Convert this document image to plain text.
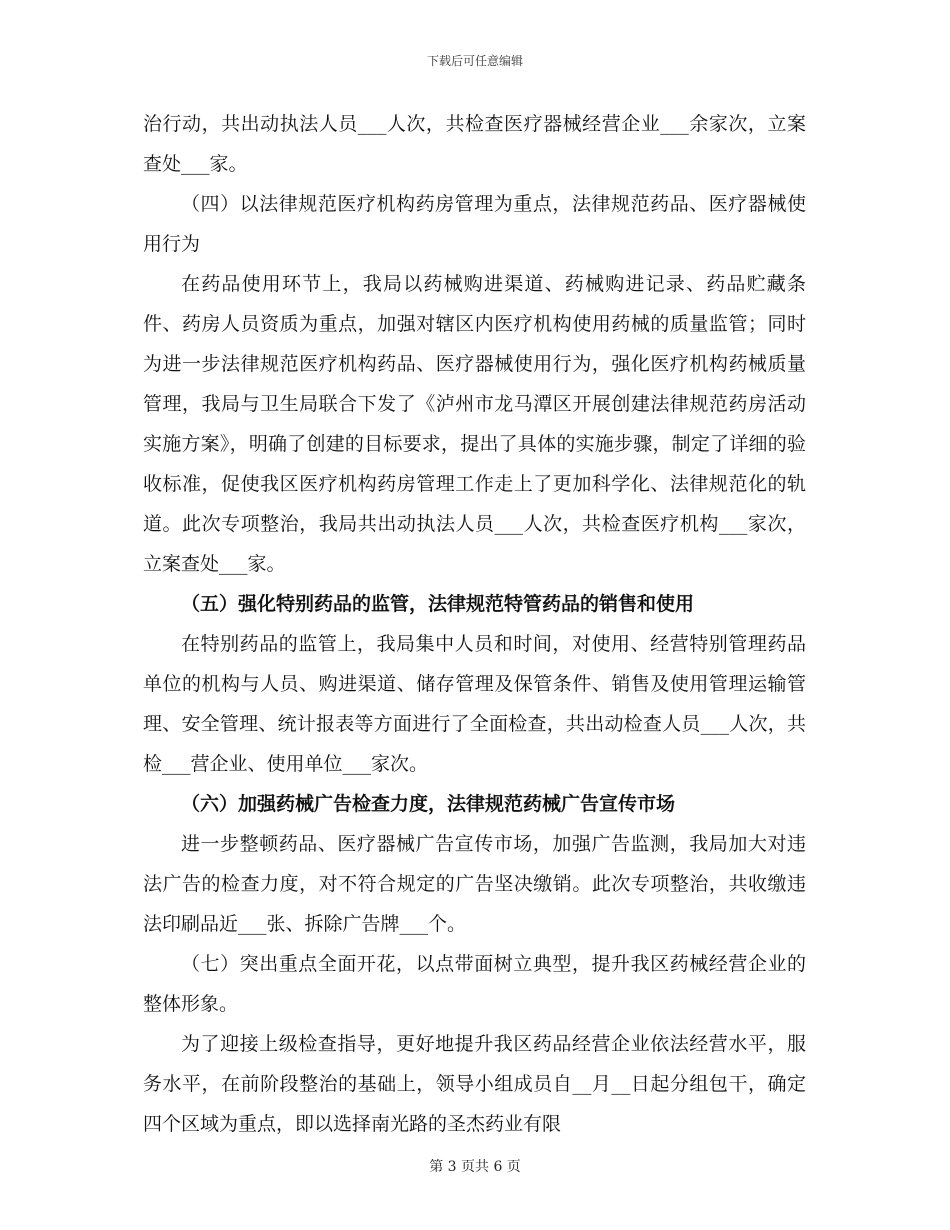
下载后可任意编辑

治行动，共出动执法人员___人次，共检查医疗器械经营企业___余家次，立案查处___家。

（四）以法律规范医疗机构药房管理为重点，法律规范药品、医疗器械使用行为

在药品使用环节上，我局以药械购进渠道、药械购进记录、药品贮藏条件、药房人员资质为重点，加强对辖区内医疗机构使用药械的质量监管；同时为进一步法律规范医疗机构药品、医疗器械使用行为，强化医疗机构药械质量管理，我局与卫生局联合下发了《泸州市龙马潭区开展创建法律规范药房活动实施方案》，明确了创建的目标要求，提出了具体的实施步骤，制定了详细的验收标准，促使我区医疗机构药房管理工作走上了更加科学化、法律规范化的轨道。此次专项整治，我局共出动执法人员___人次，共检查医疗机构___家次，立案查处___家。

（五）强化特别药品的监管，法律规范特管药品的销售和使用

在特别药品的监管上，我局集中人员和时间，对使用、经营特别管理药品单位的机构与人员、购进渠道、储存管理及保管条件、销售及使用管理运输管理、安全管理、统计报表等方面进行了全面检查，共出动检查人员___人次，共检___营企业、使用单位___家次。

（六）加强药械广告检查力度，法律规范药械广告宣传市场

进一步整顿药品、医疗器械广告宣传市场，加强广告监测，我局加大对违法广告的检查力度，对不符合规定的广告坚决缴销。此次专项整治，共收缴违法印刷品近___张、拆除广告牌___个。

（七）突出重点全面开花，以点带面树立典型，提升我区药械经营企业的整体形象。

为了迎接上级检查指导，更好地提升我区药品经营企业依法经营水平，服务水平，在前阶段整治的基础上，领导小组成员自__月__日起分组包干，确定四个区域为重点，即以选择南光路的圣杰药业有限

第 3 页共 6 页
